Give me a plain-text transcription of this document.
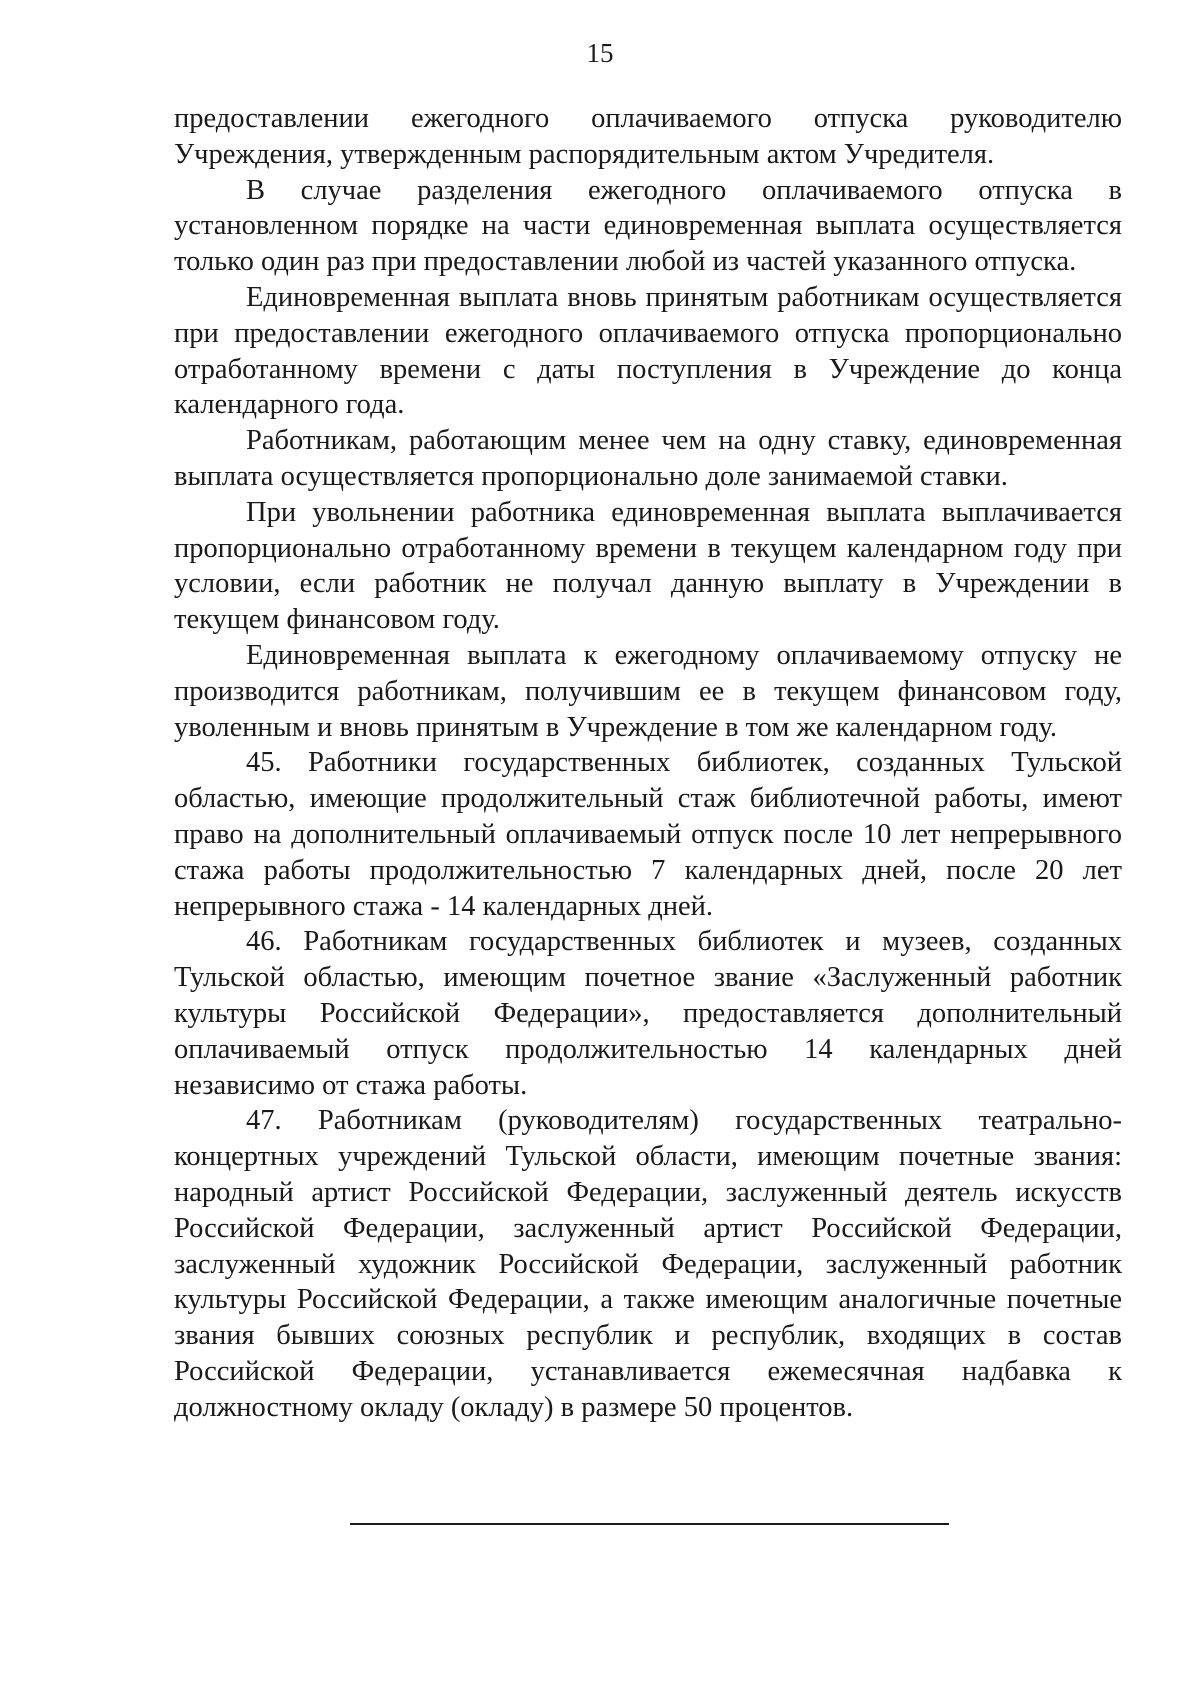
15

предоставлении ежегодного оплачиваемого отпуска руководителю Учреждения, утвержденным распорядительным актом Учредителя.

В случае разделения ежегодного оплачиваемого отпуска в установленном порядке на части единовременная выплата осуществляется только один раз при предоставлении любой из частей указанного отпуска.

Единовременная выплата вновь принятым работникам осуществляется при предоставлении ежегодного оплачиваемого отпуска пропорционально отработанному времени с даты поступления в Учреждение до конца календарного года.

Работникам, работающим менее чем на одну ставку, единовременная выплата осуществляется пропорционально доле занимаемой ставки.

При увольнении работника единовременная выплата выплачивается пропорционально отработанному времени в текущем календарном году при условии, если работник не получал данную выплату в Учреждении в текущем финансовом году.

Единовременная выплата к ежегодному оплачиваемому отпуску не производится работникам, получившим ее в текущем финансовом году, уволенным и вновь принятым в Учреждение в том же календарном году.

45. Работники государственных библиотек, созданных Тульской областью, имеющие продолжительный стаж библиотечной работы, имеют право на дополнительный оплачиваемый отпуск после 10 лет непрерывного стажа работы продолжительностью 7 календарных дней, после 20 лет непрерывного стажа - 14 календарных дней.

46. Работникам государственных библиотек и музеев, созданных Тульской областью, имеющим почетное звание «Заслуженный работник культуры Российской Федерации», предоставляется дополнительный оплачиваемый отпуск продолжительностью 14 календарных дней независимо от стажа работы.

47. Работникам (руководителям) государственных театрально-концертных учреждений Тульской области, имеющим почетные звания: народный артист Российской Федерации, заслуженный деятель искусств Российской Федерации, заслуженный артист Российской Федерации, заслуженный художник Российской Федерации, заслуженный работник культуры Российской Федерации, а также имеющим аналогичные почетные звания бывших союзных республик и республик, входящих в состав Российской Федерации, устанавливается ежемесячная надбавка к должностному окладу (окладу) в размере 50 процентов.
